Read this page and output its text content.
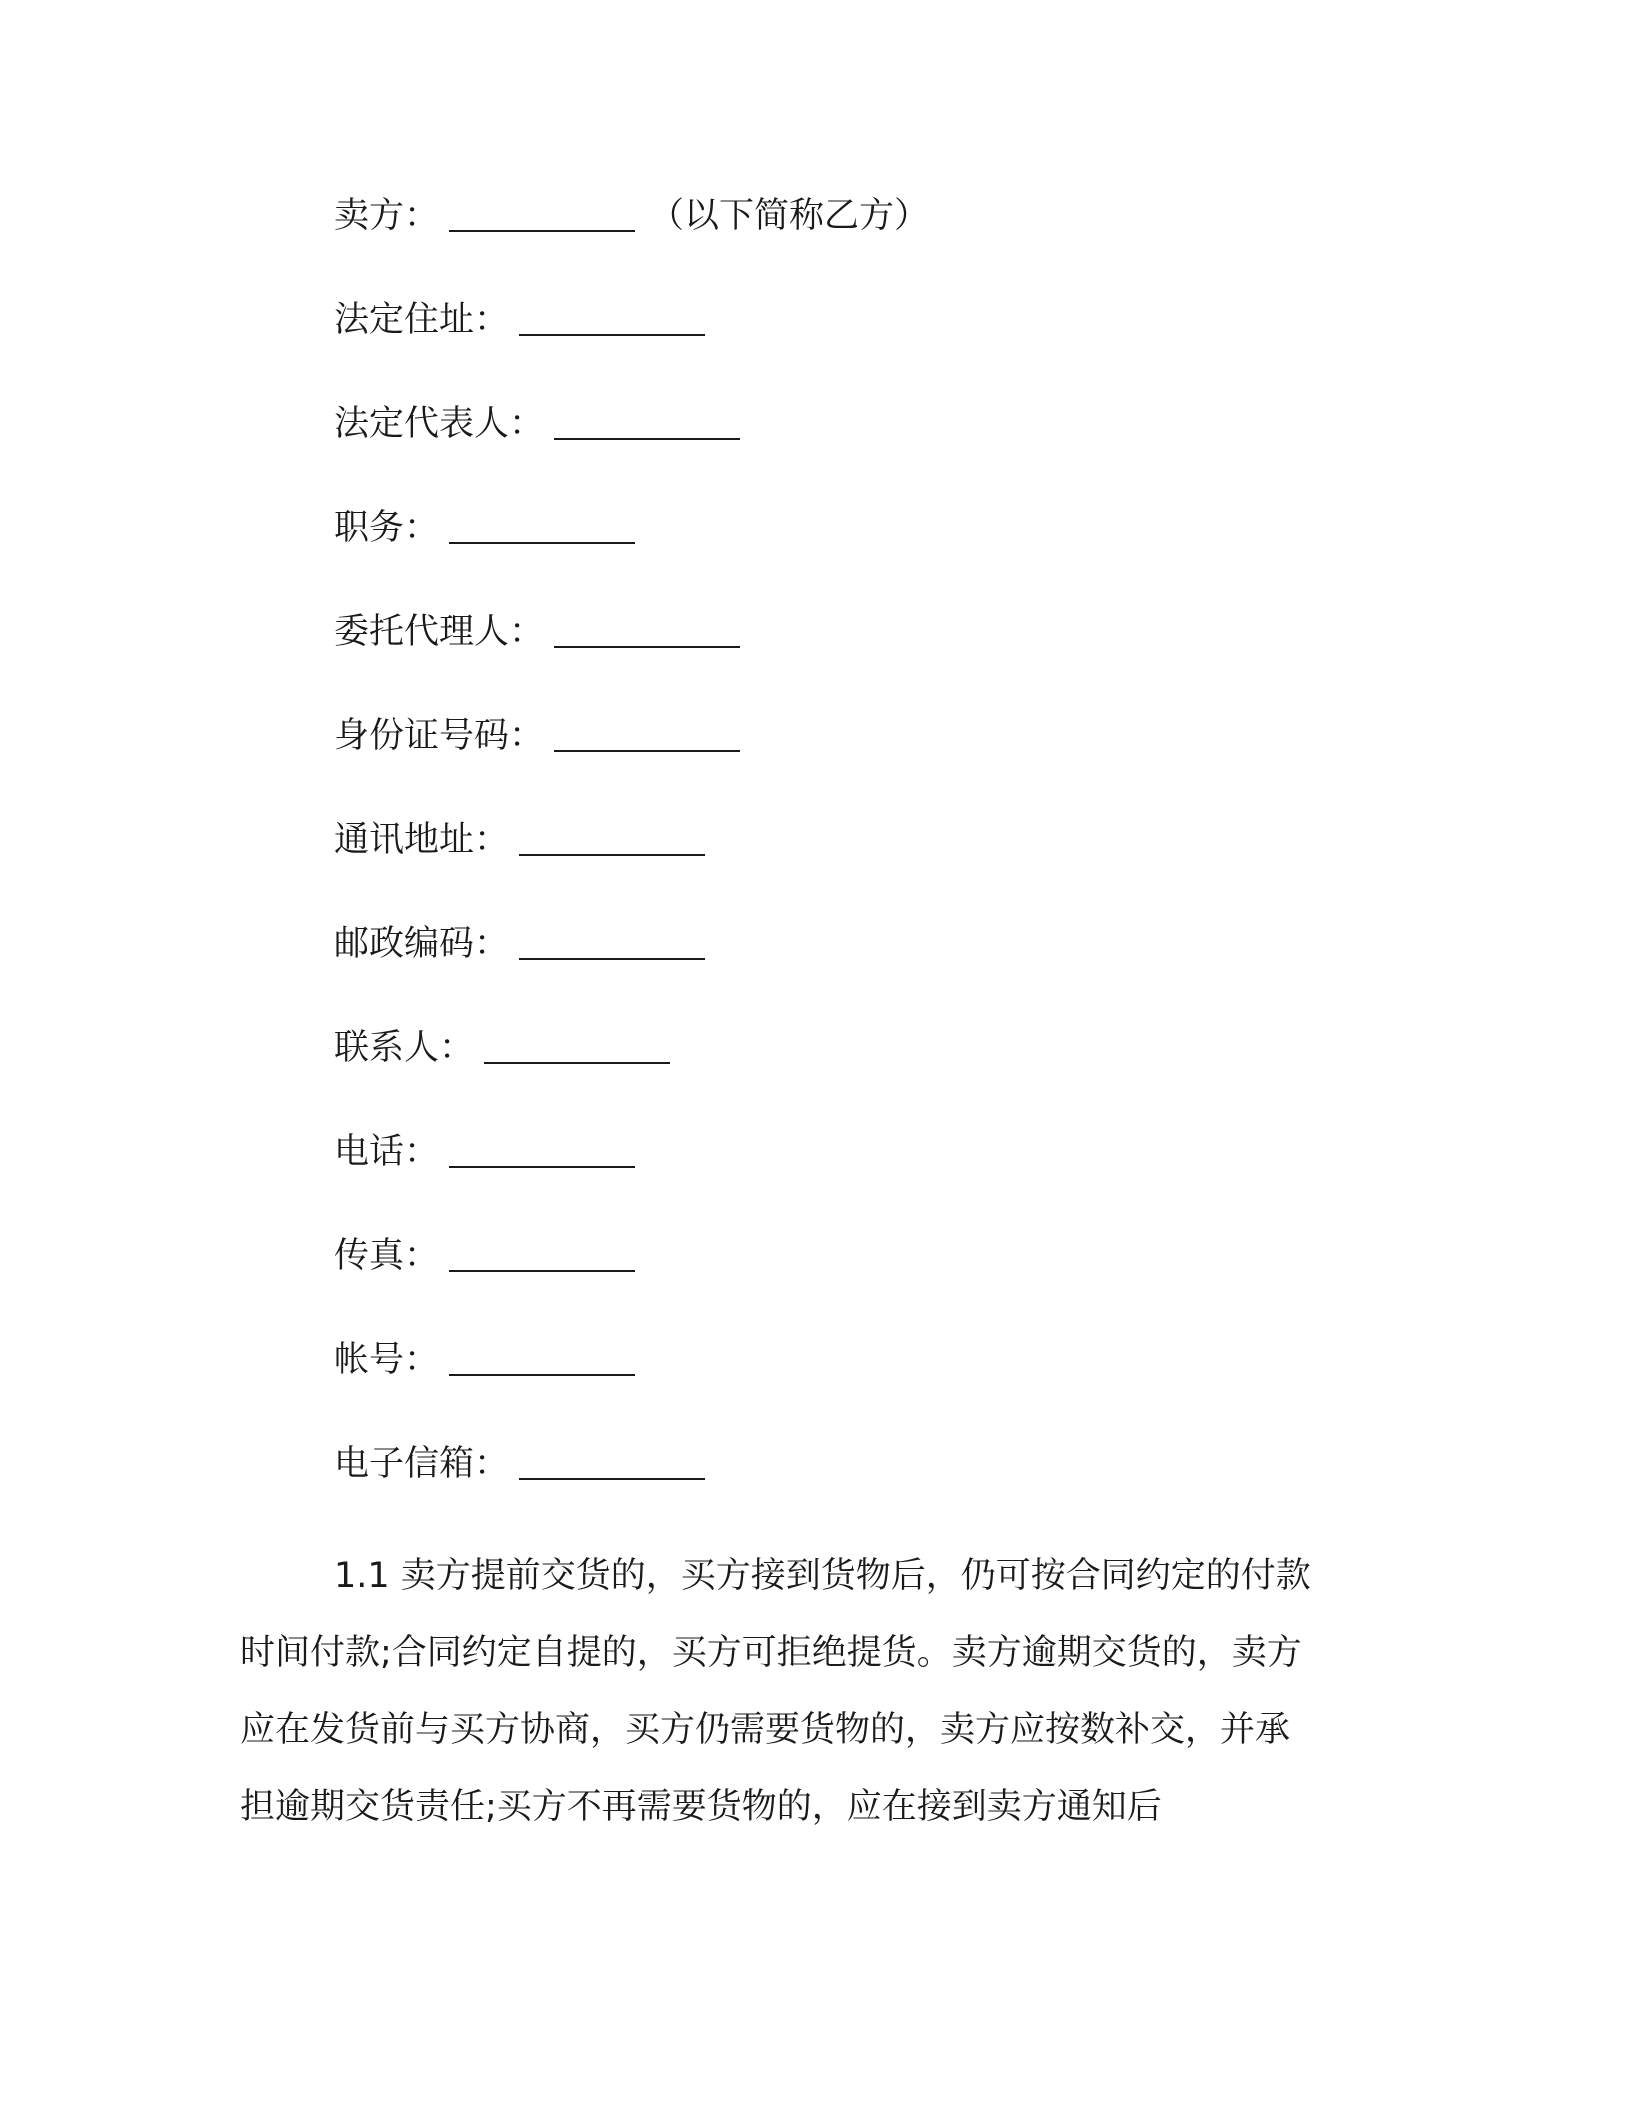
卖方 ：	（以下简称乙方）
法定住址 ：
法定代表人 ：
职务 ：
委托代理人 ：
身份证号码 ：
通讯地址 ：
邮政编码 ：
联系人 ：
电话 ：
传真 ：
帐号 ：
电子信箱 ：

1.1 卖方提前交货的，买方接到货物后，仍可按合同约定的付款
时间付款;合同约定自提的，买方可拒绝提货。卖方逾期交货的，卖方
应在发货前与买方协商，买方仍需要货物的，卖方应按数补交，并承
担逾期交货责任;买方不再需要货物的，应在接到卖方通知后
